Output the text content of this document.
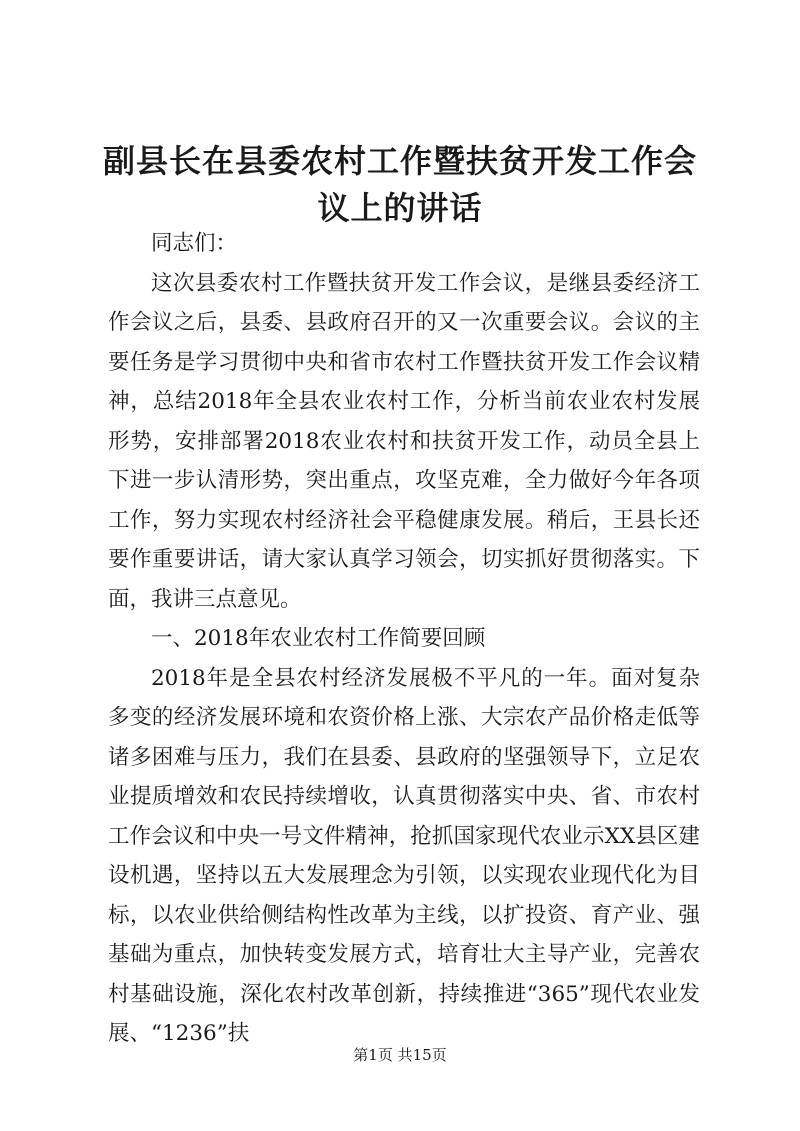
副县长在县委农村工作暨扶贫开发工作会议上的讲话

同志们：

这次县委农村工作暨扶贫开发工作会议，是继县委经济工作会议之后，县委、县政府召开的又一次重要会议。会议的主要任务是学习贯彻中央和省市农村工作暨扶贫开发工作会议精神，总结2018年全县农业农村工作，分析当前农业农村发展形势，安排部署2018农业农村和扶贫开发工作，动员全县上下进一步认清形势，突出重点，攻坚克难，全力做好今年各项工作，努力实现农村经济社会平稳健康发展。稍后，王县长还要作重要讲话，请大家认真学习领会，切实抓好贯彻落实。下面，我讲三点意见。

一、2018年农业农村工作简要回顾

2018年是全县农村经济发展极不平凡的一年。面对复杂多变的经济发展环境和农资价格上涨、大宗农产品价格走低等诸多困难与压力，我们在县委、县政府的坚强领导下，立足农业提质增效和农民持续增收，认真贯彻落实中央、省、市农村工作会议和中央一号文件精神，抢抓国家现代农业示XX县区建设机遇，坚持以五大发展理念为引领，以实现农业现代化为目标，以农业供给侧结构性改革为主线，以扩投资、育产业、强基础为重点，加快转变发展方式，培育壮大主导产业，完善农村基础设施，深化农村改革创新，持续推进“365”现代农业发展、“1236”扶

第1页 共15页
